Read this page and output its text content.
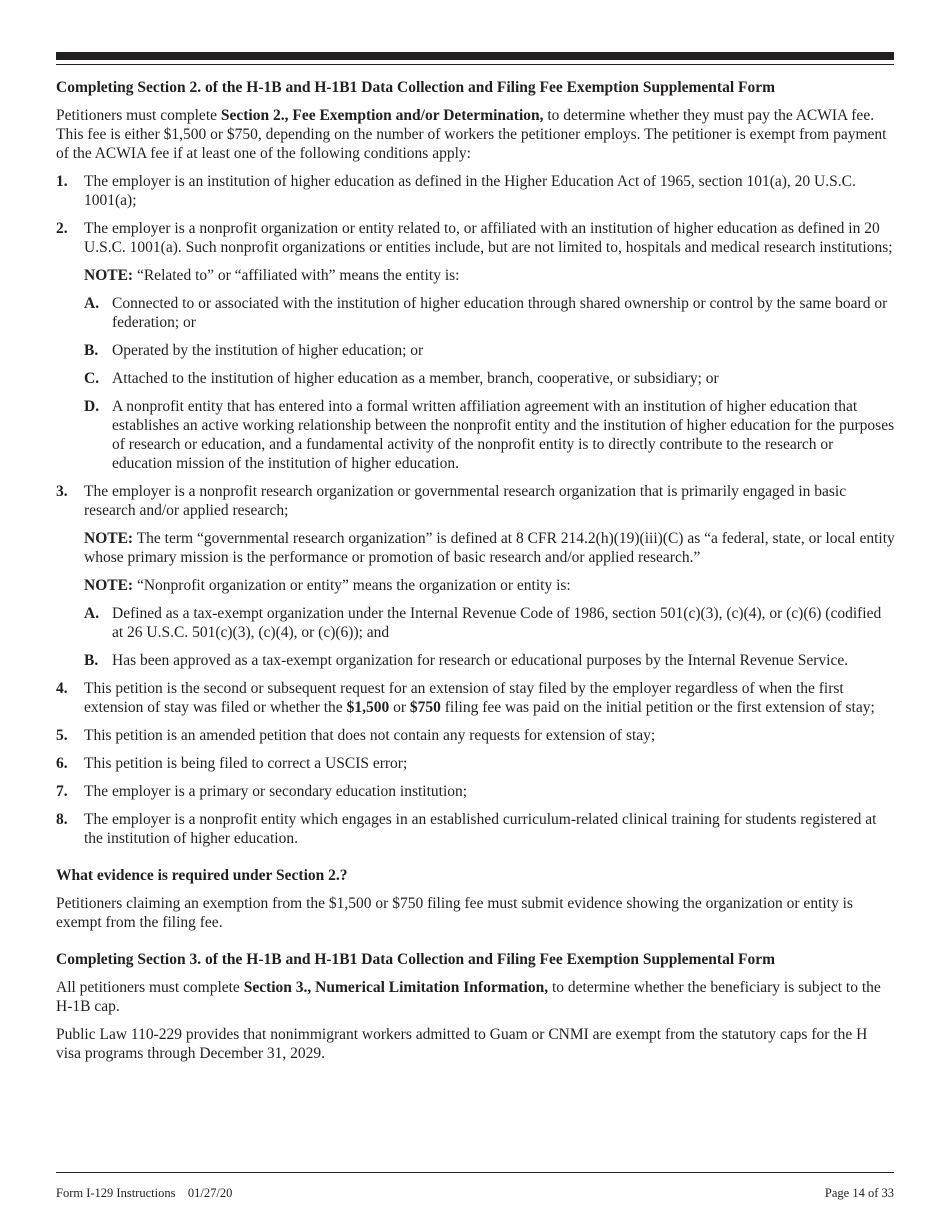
Completing Section 2. of the H-1B and H-1B1 Data Collection and Filing Fee Exemption Supplemental Form
Petitioners must complete Section 2., Fee Exemption and/or Determination, to determine whether they must pay the ACWIA fee. This fee is either $1,500 or $750, depending on the number of workers the petitioner employs. The petitioner is exempt from payment of the ACWIA fee if at least one of the following conditions apply:
1.	The employer is an institution of higher education as defined in the Higher Education Act of 1965, section 101(a), 20 U.S.C. 1001(a);
2.	The employer is a nonprofit organization or entity related to, or affiliated with an institution of higher education as defined in 20 U.S.C. 1001(a). Such nonprofit organizations or entities include, but are not limited to, hospitals and medical research institutions;
NOTE: “Related to” or “affiliated with” means the entity is:
A. Connected to or associated with the institution of higher education through shared ownership or control by the same board or federation; or
B. Operated by the institution of higher education; or
C. Attached to the institution of higher education as a member, branch, cooperative, or subsidiary; or
D. A nonprofit entity that has entered into a formal written affiliation agreement with an institution of higher education that establishes an active working relationship between the nonprofit entity and the institution of higher education for the purposes of research or education, and a fundamental activity of the nonprofit entity is to directly contribute to the research or education mission of the institution of higher education.
3.	The employer is a nonprofit research organization or governmental research organization that is primarily engaged in basic research and/or applied research;
NOTE: The term “governmental research organization” is defined at 8 CFR 214.2(h)(19)(iii)(C) as “a federal, state, or local entity whose primary mission is the performance or promotion of basic research and/or applied research.”
NOTE: “Nonprofit organization or entity” means the organization or entity is:
A. Defined as a tax-exempt organization under the Internal Revenue Code of 1986, section 501(c)(3), (c)(4), or (c)(6) (codified at 26 U.S.C. 501(c)(3), (c)(4), or (c)(6)); and
B. Has been approved as a tax-exempt organization for research or educational purposes by the Internal Revenue Service.
4.	This petition is the second or subsequent request for an extension of stay filed by the employer regardless of when the first extension of stay was filed or whether the $1,500 or $750 filing fee was paid on the initial petition or the first extension of stay;
5.	This petition is an amended petition that does not contain any requests for extension of stay;
6.	This petition is being filed to correct a USCIS error;
7.	The employer is a primary or secondary education institution;
8.	The employer is a nonprofit entity which engages in an established curriculum-related clinical training for students registered at the institution of higher education.
What evidence is required under Section 2.?
Petitioners claiming an exemption from the $1,500 or $750 filing fee must submit evidence showing the organization or entity is exempt from the filing fee.
Completing Section 3. of the H-1B and H-1B1 Data Collection and Filing Fee Exemption Supplemental Form
All petitioners must complete Section 3., Numerical Limitation Information, to determine whether the beneficiary is subject to the H-1B cap.
Public Law 110-229 provides that nonimmigrant workers admitted to Guam or CNMI are exempt from the statutory caps for the H visa programs through December 31, 2029.
Form I-129 Instructions    01/27/20	Page 14 of 33
